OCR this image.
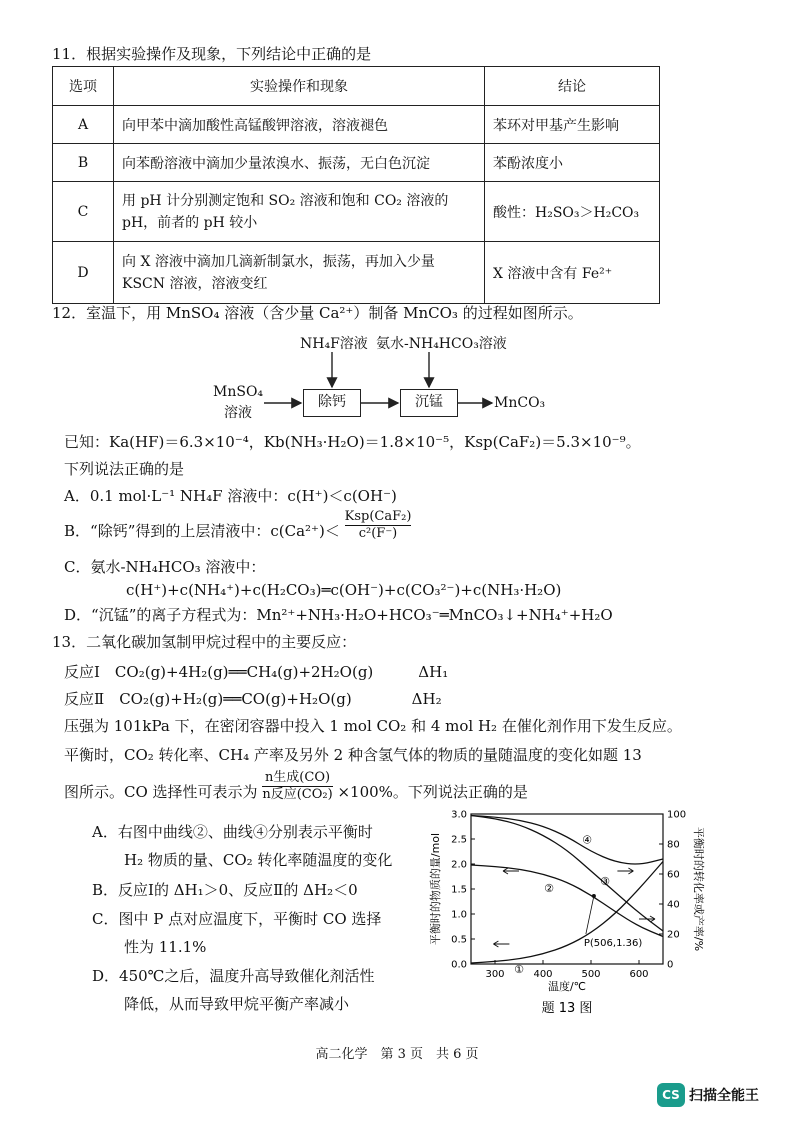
11．根据实验操作及现象，下列结论中正确的是
选项	实验操作和现象	结论
A	向甲苯中滴加酸性高锰酸钾溶液，溶液褪色	苯环对甲基产生影响
B	向苯酚溶液中滴加少量浓溴水、振荡，无白色沉淀	苯酚浓度小
C	用 pH 计分别测定饱和 SO₂ 溶液和饱和 CO₂ 溶液的 pH，前者的 pH 较小	酸性：H₂SO₃＞H₂CO₃
D	向 X 溶液中滴加几滴新制氯水，振荡，再加入少量 KSCN 溶液，溶液变红	X 溶液中含有 Fe²⁺
12．室温下，用 MnSO₄ 溶液（含少量 Ca²⁺）制备 MnCO₃ 的过程如图所示。
NH₄F溶液 氨水-NH₄HCO₃溶液
MnSO₄
溶液
除钙	沉锰	MnCO₃
已知：Ka(HF)＝6.3×10⁻⁴，Kb(NH₃·H₂O)＝1.8×10⁻⁵，Ksp(CaF₂)＝5.3×10⁻⁹。
下列说法正确的是
A．0.1 mol·L⁻¹ NH₄F 溶液中：c(H⁺)＜c(OH⁻)
B．“除钙”得到的上层清液中：c(Ca²⁺)＜
Ksp(CaF₂)
c²(F⁻)
C．氨水-NH₄HCO₃ 溶液中：
c(H⁺)+c(NH₄⁺)+c(H₂CO₃)═c(OH⁻)+c(CO₃²⁻)+c(NH₃·H₂O)
D．“沉锰”的离子方程式为：Mn²⁺+NH₃·H₂O+HCO₃⁻═MnCO₃↓+NH₄⁺+H₂O
13．二氧化碳加氢制甲烷过程中的主要反应：
反应Ⅰ　CO₂(g)+4H₂(g)══CH₄(g)+2H₂O(g)　　　ΔH₁
反应Ⅱ　CO₂(g)+H₂(g)══CO(g)+H₂O(g)　　　　ΔH₂
压强为 101kPa 下，在密闭容器中投入 1 mol CO₂ 和 4 mol H₂ 在催化剂作用下发生反应。
平衡时，CO₂ 转化率、CH₄ 产率及另外 2 种含氢气体的物质的量随温度的变化如题 13
图所示。CO 选择性可表示为
n生成(CO)
n反应(CO₂) ×100%。下列说法正确的是
A．右图中曲线②、曲线④分别表示平衡时
H₂ 物质的量、CO₂ 转化率随温度的变化
B．反应Ⅰ的 ΔH₁＞0、反应Ⅱ的 ΔH₂＜0
C．图中 P 点对应温度下，平衡时 CO 选择
性为 11.1%
D．450℃之后，温度升高导致催化剂活性
降低，从而导致甲烷平衡产率减小
300	400	500	600
0.0
0.5
1.0
1.5
2.0
2.5
3.0
0
20
40
60
80
100
①
②
③
④
P(506,1.36)
温度/℃
平衡时的物质的量/mol	平衡时的转化率或产率/%
题 13 图
高二化学　第 3 页　共 6 页
CS 扫描全能王
